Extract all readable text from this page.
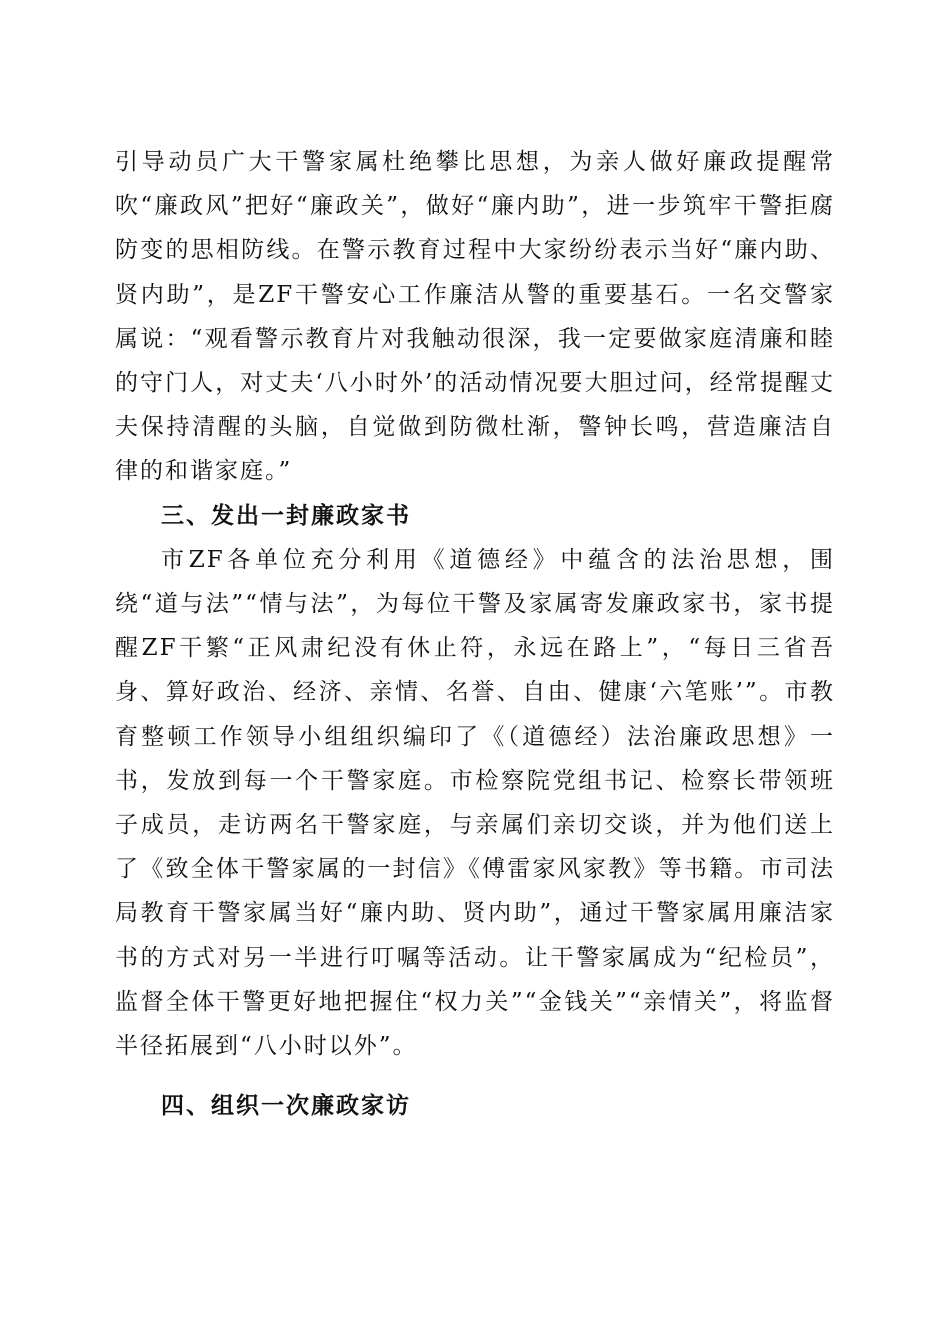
引导动员广大干警家属杜绝攀比思想，为亲人做好廉政提醒常吹“廉政风”把好“廉政关”，做好“廉内助”，进一步筑牢干警拒腐防变的思相防线。在警示教育过程中大家纷纷表示当好“廉内助、贤内助”，是ZF干警安心工作廉洁从警的重要基石。一名交警家属说：“观看警示教育片对我触动很深，我一定要做家庭清廉和睦的守门人，对丈夫‘八小时外’的活动情况要大胆过问，经常提醒丈夫保持清醒的头脑，自觉做到防微杜渐，警钟长鸣，营造廉洁自律的和谐家庭。”

三、发出一封廉政家书

市ZF各单位充分利用《道德经》中蕴含的法治思想，围绕“道与法”“情与法”，为每位干警及家属寄发廉政家书，家书提醒ZF干繁“正风肃纪没有休止符，永远在路上”，“每日三省吾身、算好政治、经济、亲情、名誉、自由、健康‘六笔账’”。市教育整顿工作领导小组组织编印了《（道德经）法治廉政思想》一书，发放到每一个干警家庭。市检察院党组书记、检察长带领班子成员，走访两名干警家庭，与亲属们亲切交谈，并为他们送上了《致全体干警家属的一封信》《傅雷家风家教》等书籍。市司法局教育干警家属当好“廉内助、贤内助”，通过干警家属用廉洁家书的方式对另一半进行叮嘱等活动。让干警家属成为“纪检员”，监督全体干警更好地把握住“权力关”“金钱关”“亲情关”，将监督半径拓展到“八小时以外”。

四、组织一次廉政家访
